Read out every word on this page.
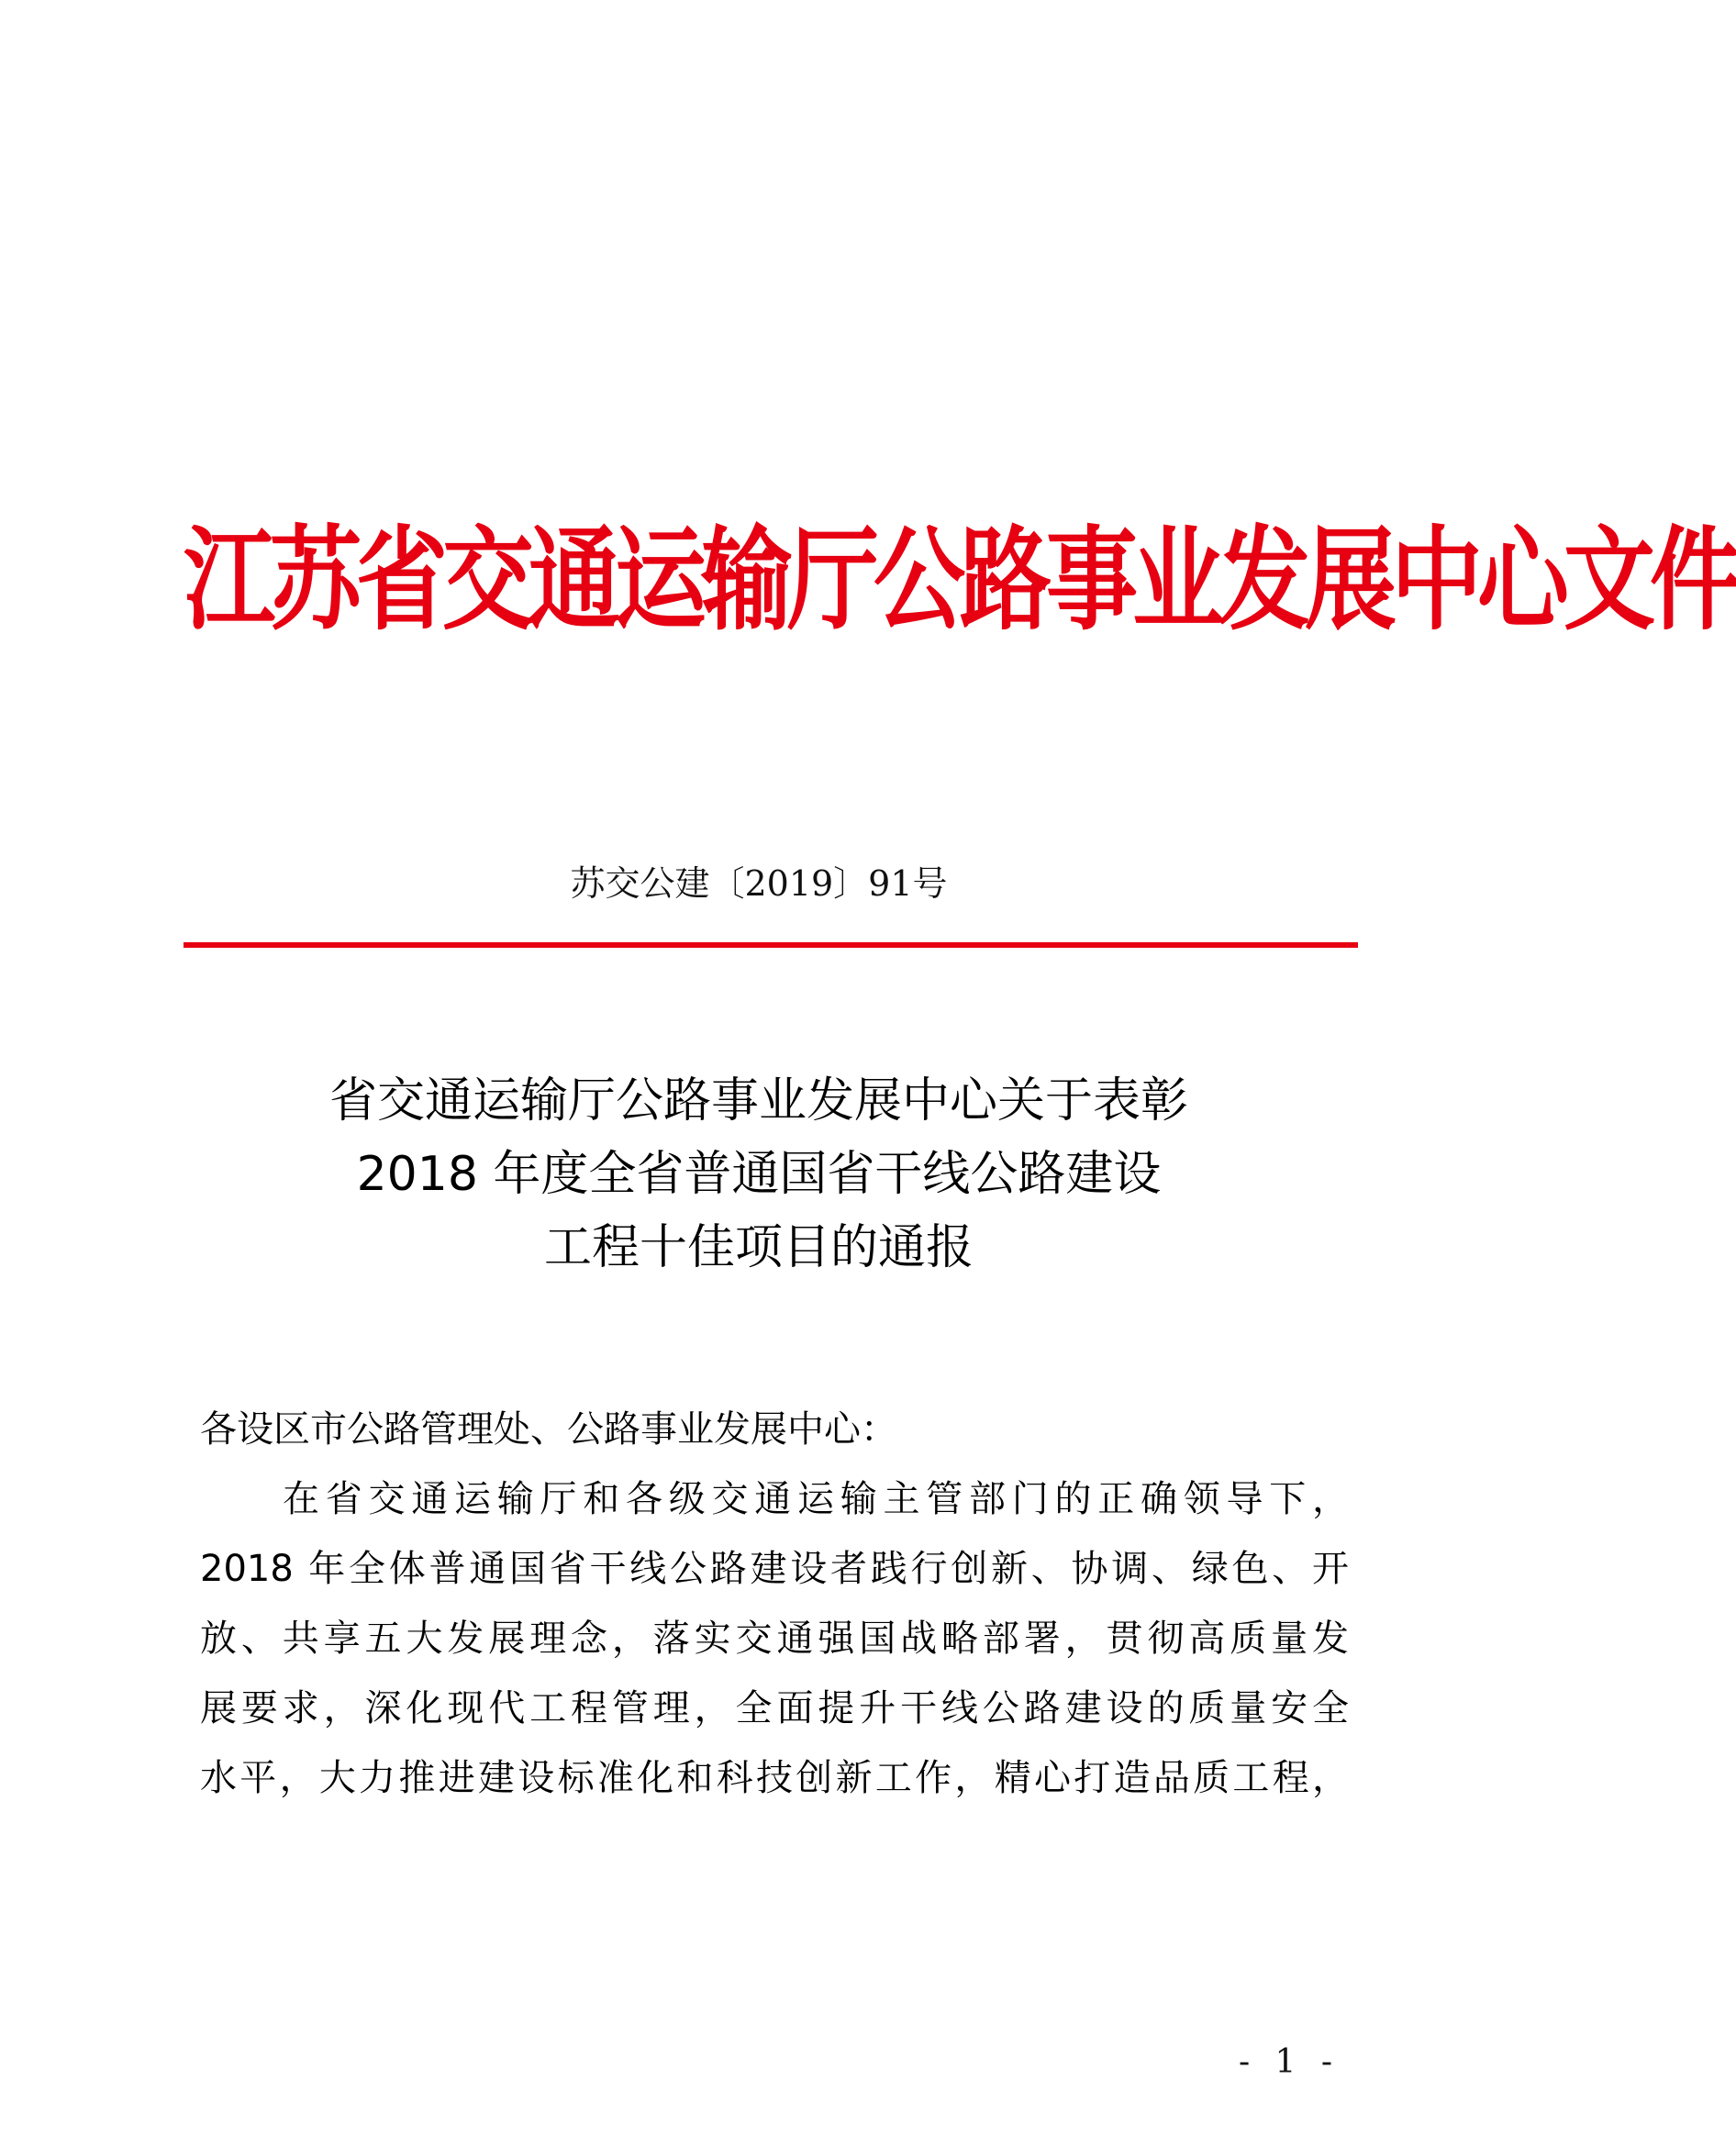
江苏省交通运输厅公路事业发展中心文件
苏交公建〔2019〕91号
省交通运输厅公路事业发展中心关于表彰
2018 年度全省普通国省干线公路建设
工程十佳项目的通报
各设区市公路管理处、公路事业发展中心：
在省交通运输厅和各级交通运输主管部门的正确领导下，
2018 年全体普通国省干线公路建设者践行创新、协调、绿色、开
放、共享五大发展理念，落实交通强国战略部署，贯彻高质量发
展要求，深化现代工程管理，全面提升干线公路建设的质量安全
水平，大力推进建设标准化和科技创新工作，精心打造品质工程，
- 1 -
